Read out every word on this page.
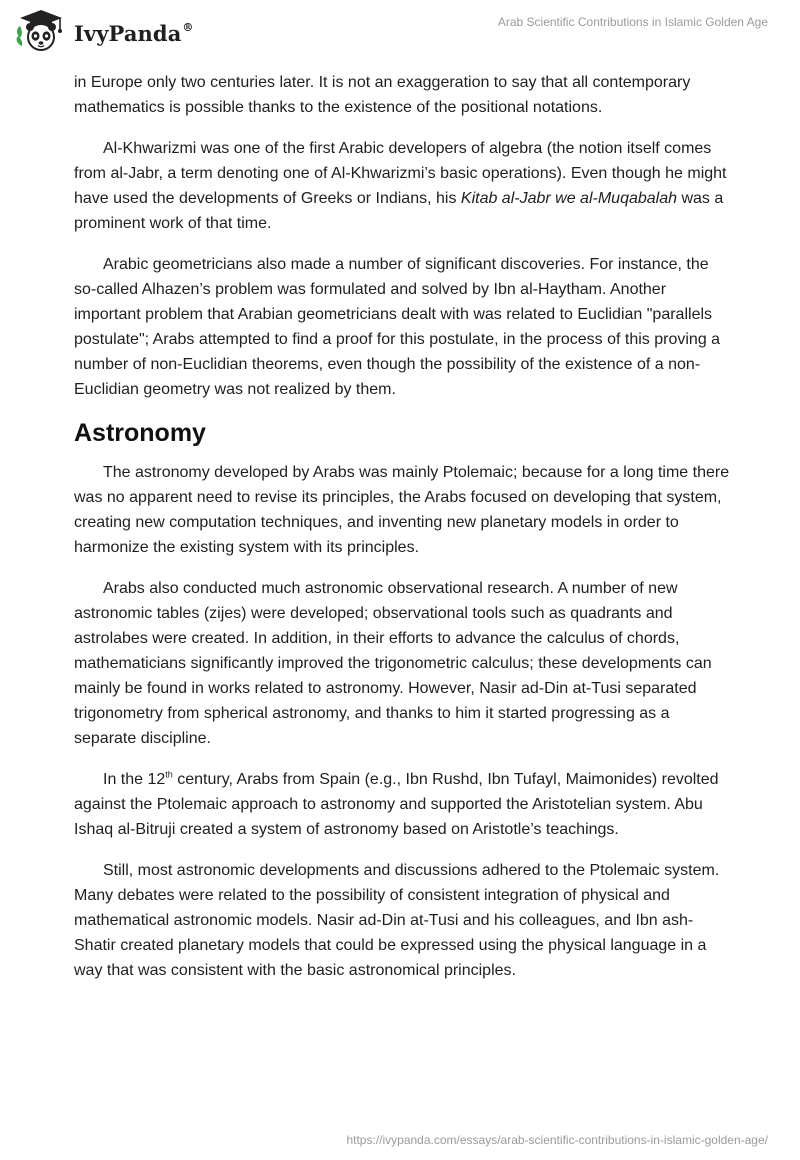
IvyPanda®	Arab Scientific Contributions in Islamic Golden Age

in Europe only two centuries later. It is not an exaggeration to say that all contemporary mathematics is possible thanks to the existence of the positional notations.

Al-Khwarizmi was one of the first Arabic developers of algebra (the notion itself comes from al-Jabr, a term denoting one of Al-Khwarizmi’s basic operations). Even though he might have used the developments of Greeks or Indians, his Kitab al-Jabr we al-Muqabalah was a prominent work of that time.

Arabic geometricians also made a number of significant discoveries. For instance, the so-called Alhazen’s problem was formulated and solved by Ibn al-Haytham. Another important problem that Arabian geometricians dealt with was related to Euclidian "parallels postulate"; Arabs attempted to find a proof for this postulate, in the process of this proving a number of non-Euclidian theorems, even though the possibility of the existence of a non-Euclidian geometry was not realized by them.

Astronomy

The astronomy developed by Arabs was mainly Ptolemaic; because for a long time there was no apparent need to revise its principles, the Arabs focused on developing that system, creating new computation techniques, and inventing new planetary models in order to harmonize the existing system with its principles.

Arabs also conducted much astronomic observational research. A number of new astronomic tables (zijes) were developed; observational tools such as quadrants and astrolabes were created. In addition, in their efforts to advance the calculus of chords, mathematicians significantly improved the trigonometric calculus; these developments can mainly be found in works related to astronomy. However, Nasir ad-Din at-Tusi separated trigonometry from spherical astronomy, and thanks to him it started progressing as a separate discipline.

In the 12th century, Arabs from Spain (e.g., Ibn Rushd, Ibn Tufayl, Maimonides) revolted against the Ptolemaic approach to astronomy and supported the Aristotelian system. Abu Ishaq al-Bitruji created a system of astronomy based on Aristotle’s teachings.

Still, most astronomic developments and discussions adhered to the Ptolemaic system. Many debates were related to the possibility of consistent integration of physical and mathematical astronomic models. Nasir ad-Din at-Tusi and his colleagues, and Ibn ash-Shatir created planetary models that could be expressed using the physical language in a way that was consistent with the basic astronomical principles.

https://ivypanda.com/essays/arab-scientific-contributions-in-islamic-golden-age/
